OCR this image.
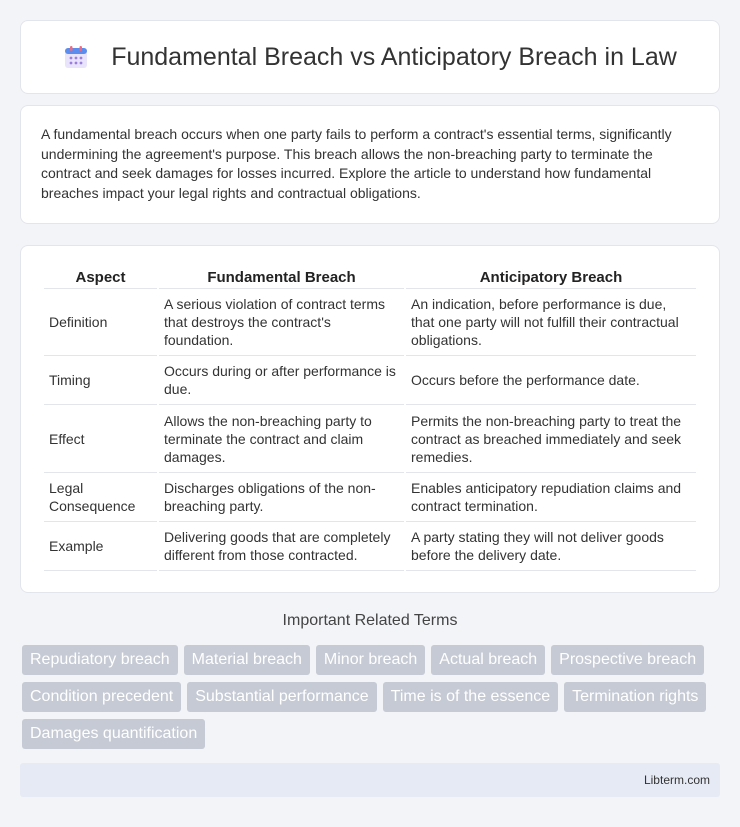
Fundamental Breach vs Anticipatory Breach in Law

A fundamental breach occurs when one party fails to perform a contract's essential terms, significantly undermining the agreement's purpose. This breach allows the non-breaching party to terminate the contract and seek damages for losses incurred. Explore the article to understand how fundamental breaches impact your legal rights and contractual obligations.

Aspect	Fundamental Breach	Anticipatory Breach
Definition	A serious violation of contract terms that destroys the contract's foundation.	An indication, before performance is due, that one party will not fulfill their contractual obligations.
Timing	Occurs during or after performance is due.	Occurs before the performance date.
Effect	Allows the non-breaching party to terminate the contract and claim damages.	Permits the non-breaching party to treat the contract as breached immediately and seek remedies.
Legal Consequence	Discharges obligations of the non-breaching party.	Enables anticipatory repudiation claims and contract termination.
Example	Delivering goods that are completely different from those contracted.	A party stating they will not deliver goods before the delivery date.
Important Related Terms
Repudiatory breach	Material breach	Minor breach	Actual breach	Prospective breach
Condition precedent	Substantial performance	Time is of the essence	Termination rights
Damages quantification
Libterm.com
